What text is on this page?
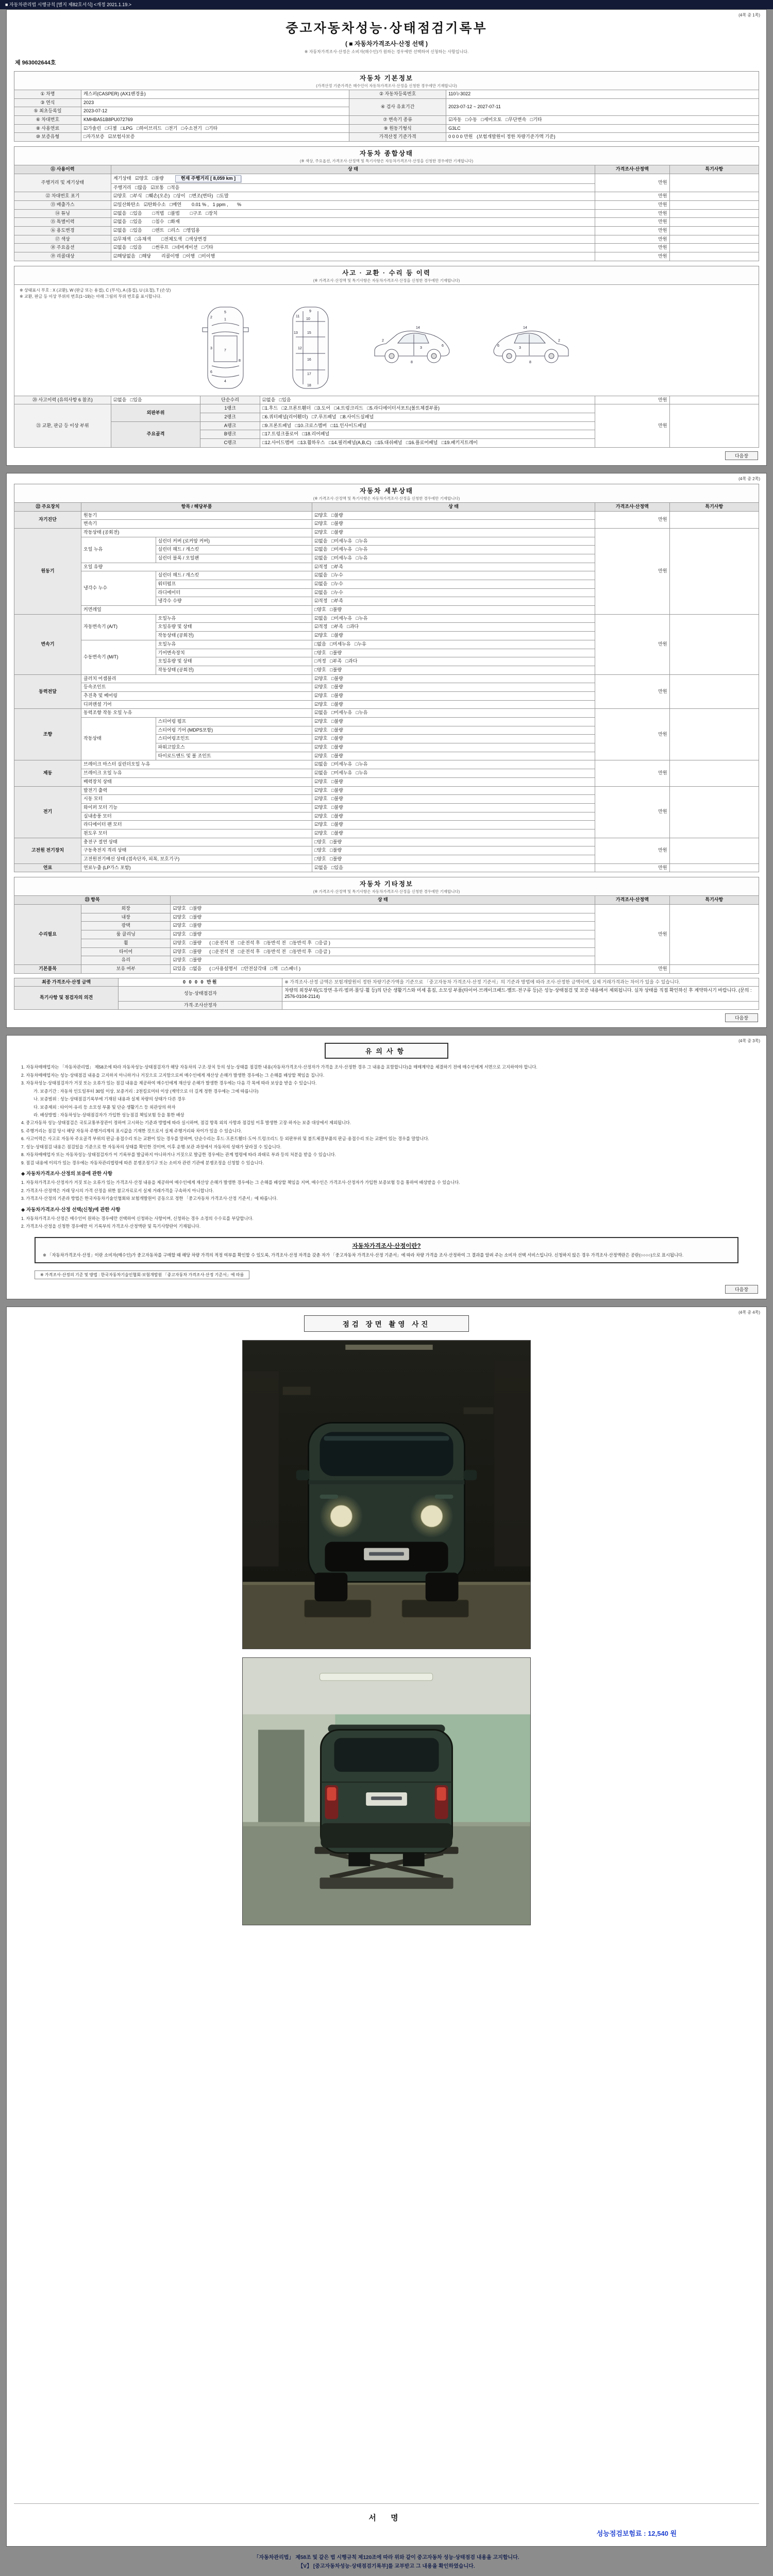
■ 자동차관리법 시행규칙 [별지 제82호서식] <개정 2021.1.19.>
(4쪽 중 1쪽)
중고자동차성능·상태점검기록부
( ■ 자동차가격조사·산정 선택 )
※ 자동차가격조사·산정은 소비자(매수인)가 원하는 경우에만 선택하여 신청하는 사항입니다.
제 963002644호
자동차 기본정보
(가격산정 기준가격은 매수인이 자동차가격조사·산정을 신청한 경우에만 기재합니다)
① 차명	캐스퍼(CASPER) (AX1밴경울)	② 자동차등록번호	110누3022
③ 연식	2023	④ 검사 유효기간	2023-07-12 ~ 2027-07-11
⑤ 최초등록일	2023-07-12		
⑥ 차대번호	KMHBA51B8PU072769	⑦ 변속기 종류	☑자동   □수동   □세미오토   □무단변속   □기타
⑧ 사용연료	☑가솔린   □디젤   □LPG   □하이브리드   □전기   □수소전기   □기타	⑨ 원동기형식	G3LC
⑩ 보증유형	□자가보증   ☑보험사보증	가격산정 기준가격	0 0 0 0 만원   (보험개발원이 정한 차량기준가액 기준)
자동차 종합상태
(※ 색상, 주요옵션, 가격조사·산정액 및 특기사항은 자동차가격조사·산정을 신청한 경우에만 기재합니다)
⑪ 사용이력	상 태	가격조사·산정액	특기사항
주행거리 및 계기상태	계기상태   ☑양호   □불량 현재 주행거리 [ 8,059 km ]	만원	
	주행거리   □많음   ☑보통   □적음		
⑫ 차대번호 표기	☑양호   □부식   □훼손(오손)   □상이   □변조(변타)   □도말	만원	
⑬ 배출가스	☑일산화탄소   ☑탄화수소   □매연        0.01 % ,   1 ppm ,       %	만원	
⑭ 튜닝	☑없음   □있음        □적법   □불법        □구조   □장치	만원	
⑮ 특별이력	☑없음   □있음        □침수   □화재	만원	
⑯ 용도변경	☑없음   □있음        □렌트   □리스   □영업용	만원	
⑰ 색상	☑무채색   □유채색        □전체도색   □색상변경	만원	
⑱ 주요옵션	☑없음   □있음        □썬루프   □네비게이션   □기타	만원	
⑲ 리콜대상	☑해당없음   □해당        리콜이행   □이행   □미이행	만원	
사고 · 교환 · 수리 등 이력
(※ 가격조사·산정액 및 특기사항은 자동차가격조사·산정을 신청한 경우에만 기재합니다)
※ 상태표시 부호 : X (교환), W (판금 또는 용접), C (부식), A (흠집), U (요철), T (손상)
※ 교환, 판금 등 이상 부위의 번호(1~19)는 아래 그림의 부위 번호를 표시합니다.
5
1
2
3
8
6
7
4
9
10
11
12
13	15
16
17
18
2
3
6
8
14
2
3
6
8
14
⑳ 사고이력 (유의사항 6 참조)	☑없음   □있음	단순수리	☑없음   □있음	만원	
㉑ 교환, 판금 등 이상 부위	외판부위	1랭크	□1.후드   □2.프론트휀더   □3.도어   □4.트렁크리드   □5.라디에이터서포트(볼트체결부품)	만원	
		2랭크	□6.쿼터패널(리어휀더)   □7.루프패널   □8.사이드실패널		
	주요골격	A랭크	□9.프론트패널   □10.크로스멤버   □11.인사이드패널		
		B랭크	□17.트렁크플로어   □18.리어패널		
		C랭크	□12.사이드멤버   □13.휠하우스   □14.필러패널(A,B,C)   □15.대쉬패널   □16.플로어패널   □19.패키지트레이		
다음장
(4쪽 중 2쪽)
자동차 세부상태
(※ 가격조사·산정액 및 특기사항은 자동차가격조사·산정을 신청한 경우에만 기재합니다)
㉒ 주요장치	항목 / 해당부품		상 태	가격조사·산정액	특기사항
자기진단	원동기		☑양호   □불량	만원	
	변속기		☑양호   □불량		
원동기	작동상태 (공회전)		☑양호   □불량	만원	
	오일 누유	실린더 커버 (로커암 커버)	☑없음   □미세누유   □누유		
		실린더 헤드 / 개스킷	☑없음   □미세누유   □누유		
		실린더 블록 / 오일팬	☑없음   □미세누유   □누유		
	오일 유량		☑적정   □부족		
	냉각수 누수	실린더 헤드 / 개스킷	☑없음   □누수		
		워터펌프	☑없음   □누수		
		라디에이터	☑없음   □누수		
		냉각수 수량	☑적정   □부족		
	커먼레일		□양호   □불량		
변속기	자동변속기 (A/T)	오일누유	☑없음   □미세누유   □누유	만원	
		오일유량 및 상태	☑적정   □부족   □과다		
		작동상태 (공회전)	☑양호   □불량		
	수동변속기 (M/T)	오일누유	□없음   □미세누유   □누유		
		기어변속장치	□양호   □불량		
		오일유량 및 상태	□적정   □부족   □과다		
		작동상태 (공회전)	□양호   □불량		
동력전달	클러치 어셈블리		☑양호   □불량	만원	
	등속조인트		☑양호   □불량		
	추진축 및 베어링		☑양호   □불량		
	디퍼렌셜 기어		☑양호   □불량		
조향	동력조향 작동 오일 누유		☑없음   □미세누유   □누유	만원	
	작동상태	스티어링 펌프	☑양호   □불량		
		스티어링 기어 (MDPS포함)	☑양호   □불량		
		스티어링조인트	☑양호   □불량		
		파워고압호스	☑양호   □불량		
		타이로드엔드 및 볼 조인트	☑양호   □불량		
제동	브레이크 마스터 실린더오일 누유		☑없음   □미세누유   □누유	만원	
	브레이크 오일 누유		☑없음   □미세누유   □누유		
	배력장치 상태		☑양호   □불량		
전기	발전기 출력		☑양호   □불량	만원	
	시동 모터		☑양호   □불량		
	와이퍼 모터 기능		☑양호   □불량		
	실내송풍 모터		☑양호   □불량		
	라디에이터 팬 모터		☑양호   □불량		
	윈도우 모터		☑양호   □불량		
고전원 전기장치	충전구 절연 상태		□양호   □불량	만원	
	구동축전지 격리 상태		□양호   □불량		
	고전원전기배선 상태 (접속단자, 피복, 보호기구)		□양호   □불량		
연료	연료누출 (LP가스 포함)		☑없음   □있음	만원	
자동차 기타정보
(※ 가격조사·산정액 및 특기사항은 자동차가격조사·산정을 신청한 경우에만 기재합니다)
㉓ 항목		상 태	가격조사·산정액	특기사항
수리필요	외장	☑양호   □불량	만원	
	내장	☑양호   □불량		
	광택	☑양호   □불량		
	룸 클리닝	☑양호   □불량		
	휠	☑양호   □불량      ( □운전석 전   □운전석 후   □동반석 전   □동반석 후   □응급 )		
	타이어	☑양호   □불량      ( □운전석 전   □운전석 후   □동반석 전   □동반석 후   □응급 )		
	유리	☑양호   □불량		
기본품목	보유 여부	☑있음   □없음      ( □사용설명서   □안전삼각대   □잭   □스패너 )	만원	
최종 가격조사·산정 금액	0 0 0 0 만원	※ 가격조사·산정 금액은 보험개발원이 정한 차량기준가액을 기준으로 「중고자동차 가격조사·산정 기준서」의 기준과 방법에 따라 조사·산정한 금액이며, 실제 거래가격과는 차이가 있을 수 있습니다.
특기사항 및 점검자의 의견	성능·상태점검자	차량의 외장부위(도장면·유리·범퍼·몰딩·휠 등)의 단순 생활기스와 미세 흠집, 소모성 부품(타이어·브레이크패드·벨트·전구류 등)은 성능·상태점검 및 보증 내용에서 제외됩니다. 실차 상태를 직접 확인하신 후 계약하시기 바랍니다. (문의 : 2576-0104-2114)
	가격·조사산정자	
다음장
(4쪽 중 3쪽)
유의사항
1. 자동차매매업자는 「자동차관리법」 제58조에 따라 자동차성능·상태점검자가 해당 자동차의 구조·장치 등의 성능·상태를 점검한 내용(자동차가격조사·산정자가 가격을 조사·산정한 경우 그 내용을 포함합니다)을 매매계약을 체결하기 전에 매수인에게 서면으로 고지하여야 합니다.
2. 자동차매매업자는 성능·상태점검 내용을 고지하지 아니하거나 거짓으로 고지함으로써 매수인에게 재산상 손해가 발생한 경우에는 그 손해를 배상할 책임을 집니다.
3. 자동차성능·상태점검자가 거짓 또는 오류가 있는 점검 내용을 제공하여 매수인에게 재산상 손해가 발생한 경우에는 다음 각 목에 따라 보상을 받을 수 있습니다.
가. 보증기간 : 자동차 인도일부터 30일 이상, 보증거리 : 2천킬로미터 이상 (계약으로 더 길게 정한 경우에는 그에 따릅니다)
나. 보증범위 : 성능·상태점검기록부에 기재된 내용과 실제 차량의 상태가 다른 경우
다. 보증제외 : 타이어·유리 등 소모성 부품 및 단순 생활기스 등 외관상의 하자
라. 배상방법 : 자동차성능·상태점검자가 가입한 성능점검 책임보험 등을 통한 배상
4. 중고자동차 성능·상태점검은 국토교통부장관이 정하여 고시하는 기준과 방법에 따라 실시하며, 점검 항목 외의 사항과 점검일 이후 발생한 고장·하자는 보증 대상에서 제외됩니다.
5. 주행거리는 점검 당시 해당 자동차 주행거리계의 표시값을 기재한 것으로서 실제 주행거리와 차이가 있을 수 있습니다.
6. 사고이력은 사고로 자동차 주요골격 부위의 판금·용접수리 또는 교환이 있는 경우를 말하며, 단순수리는 후드·프론트휀더·도어·트렁크리드 등 외판부위 및 볼트체결부품의 판금·용접수리 또는 교환이 있는 경우를 말합니다.
7. 성능·상태점검 내용은 점검일을 기준으로 한 자동차의 상태를 확인한 것이며, 이후 운행·보관 과정에서 자동차의 상태가 달라질 수 있습니다.
8. 자동차매매업자 또는 자동차성능·상태점검자가 이 기록부를 발급하지 아니하거나 거짓으로 발급한 경우에는 관계 법령에 따라 과태료 부과 등의 처분을 받을 수 있습니다.
9. 점검 내용에 이의가 있는 경우에는 자동차관리법령에 따른 분쟁조정기구 또는 소비자 관련 기관에 분쟁조정을 신청할 수 있습니다.
◆ 자동차가격조사·산정의 보증에 관한 사항
1. 자동차가격조사·산정자가 거짓 또는 오류가 있는 가격조사·산정 내용을 제공하여 매수인에게 재산상 손해가 발생한 경우에는 그 손해를 배상할 책임을 지며, 매수인은 가격조사·산정자가 가입한 보증보험 등을 통하여 배상받을 수 있습니다.
2. 가격조사·산정액은 거래 당시의 가격 산정을 위한 참고자료로서 실제 거래가격을 구속하지 아니합니다.
3. 가격조사·산정의 기준과 방법은 한국자동차기술인협회와 보험개발원이 공동으로 정한 「중고자동차 가격조사·산정 기준서」에 따릅니다.
◆ 자동차가격조사·산정 선택(신청)에 관한 사항
1. 자동차가격조사·산정은 매수인이 원하는 경우에만 선택하여 신청하는 사항이며, 신청하는 경우 소정의 수수료를 부담합니다.
2. 가격조사·산정을 신청한 경우에만 이 기록부의 가격조사·산정액란 및 특기사항란이 기재됩니다.
자동차가격조사·산정이란?
※ 「자동차가격조사·산정」이란 소비자(매수인)가 중고자동차를 구매할 때 해당 차량 가격의 적정 여부를 확인할 수 있도록, 가격조사·산정 자격을 갖춘 자가 「중고자동차 가격조사·산정 기준서」에 따라 차량 가격을 조사·산정하여 그 결과를 알려 주는 소비자 선택 서비스입니다. 신청하지 않은 경우 가격조사·산정액란은 공란(○○○○)으로 표시됩니다.
※ 가격조사·산정의 기준 및 방법 : 한국자동차기술인협회·보험개발원 「중고자동차 가격조사·산정 기준서」에 따름
다음장
(4쪽 중 4쪽)
점검 장면 촬영 사진
서 명
성능점검보험료 : 12,540 원
「자동차관리법」 제58조 및 같은 법 시행규칙 제120조에 따라 위와 같이 중고자동차 성능·상태점검 내용을 고지합니다.
【V】 [중고자동차성능·상태점검기록부]를 교부받고 그 내용을 확인하였습니다.
